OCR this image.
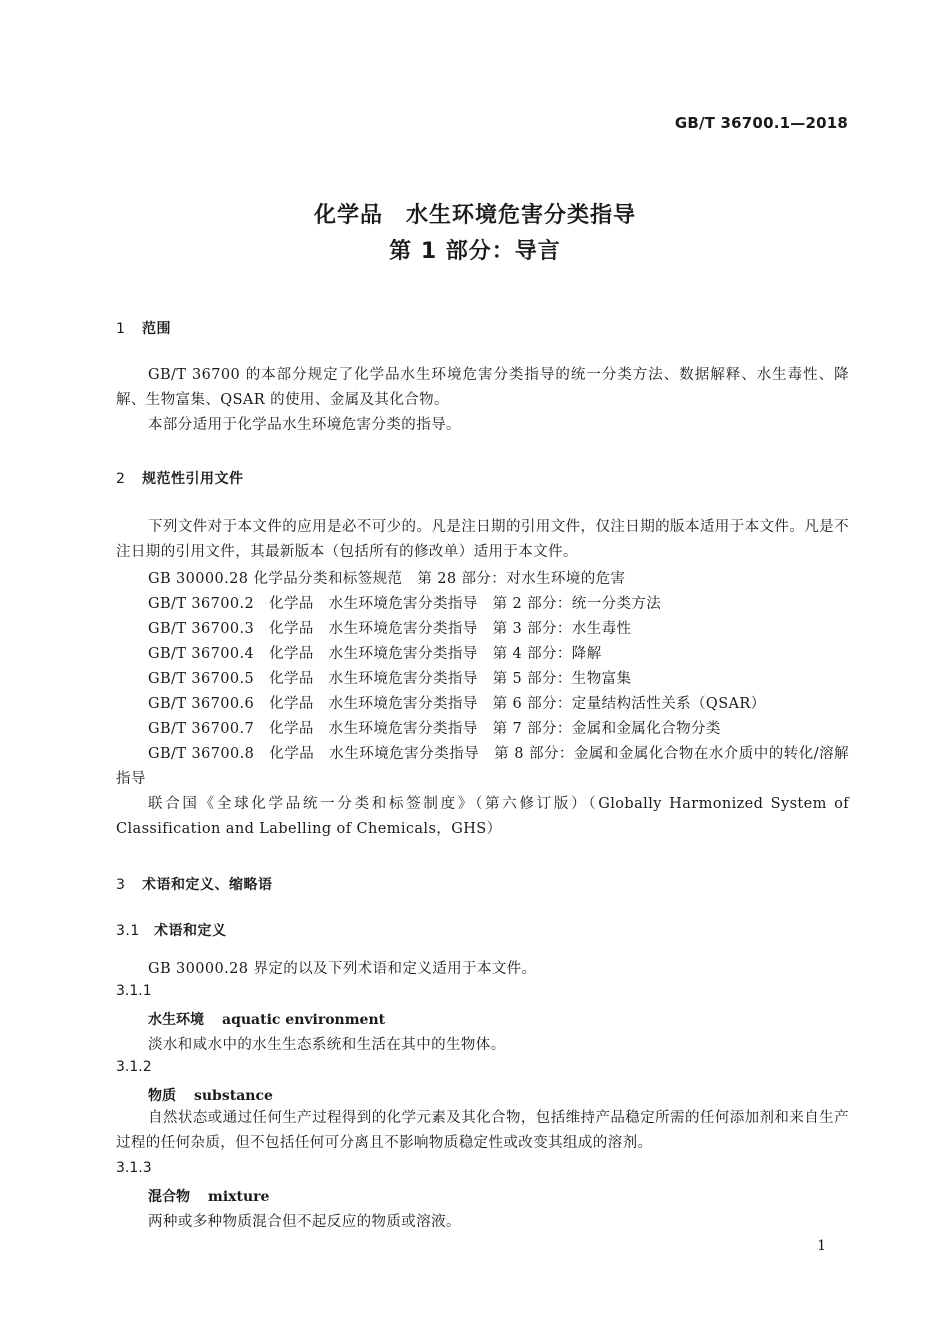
GB/T 36700.1—2018
化学品　水生环境危害分类指导
第 1 部分：导言
1 范围
GB/T 36700 的本部分规定了化学品水生环境危害分类指导的统一分类方法、数据解释、水生毒性、降解、生物富集、QSAR 的使用、金属及其化合物。
本部分适用于化学品水生环境危害分类的指导。
2 规范性引用文件
下列文件对于本文件的应用是必不可少的。凡是注日期的引用文件，仅注日期的版本适用于本文件。凡是不注日期的引用文件，其最新版本（包括所有的修改单）适用于本文件。
GB 30000.28 化学品分类和标签规范　第 28 部分：对水生环境的危害
GB/T 36700.2　化学品　水生环境危害分类指导　第 2 部分：统一分类方法
GB/T 36700.3　化学品　水生环境危害分类指导　第 3 部分：水生毒性
GB/T 36700.4　化学品　水生环境危害分类指导　第 4 部分：降解
GB/T 36700.5　化学品　水生环境危害分类指导　第 5 部分：生物富集
GB/T 36700.6　化学品　水生环境危害分类指导　第 6 部分：定量结构活性关系（QSAR）
GB/T 36700.7　化学品　水生环境危害分类指导　第 7 部分：金属和金属化合物分类
GB/T 36700.8　化学品　水生环境危害分类指导　第 8 部分：金属和金属化合物在水介质中的转化/溶解指导
联合国《全球化学品统一分类和标签制度》（第六修订版）（Globally Harmonized System of Classification and Labelling of Chemicals，GHS）
3 术语和定义、缩略语
3.1 术语和定义
GB 30000.28 界定的以及下列术语和定义适用于本文件。
3.1.1
水生环境 aquatic environment
淡水和咸水中的水生生态系统和生活在其中的生物体。
3.1.2
物质 substance
自然状态或通过任何生产过程得到的化学元素及其化合物，包括维持产品稳定所需的任何添加剂和来自生产过程的任何杂质，但不包括任何可分离且不影响物质稳定性或改变其组成的溶剂。
3.1.3
混合物 mixture
两种或多种物质混合但不起反应的物质或溶液。
1
